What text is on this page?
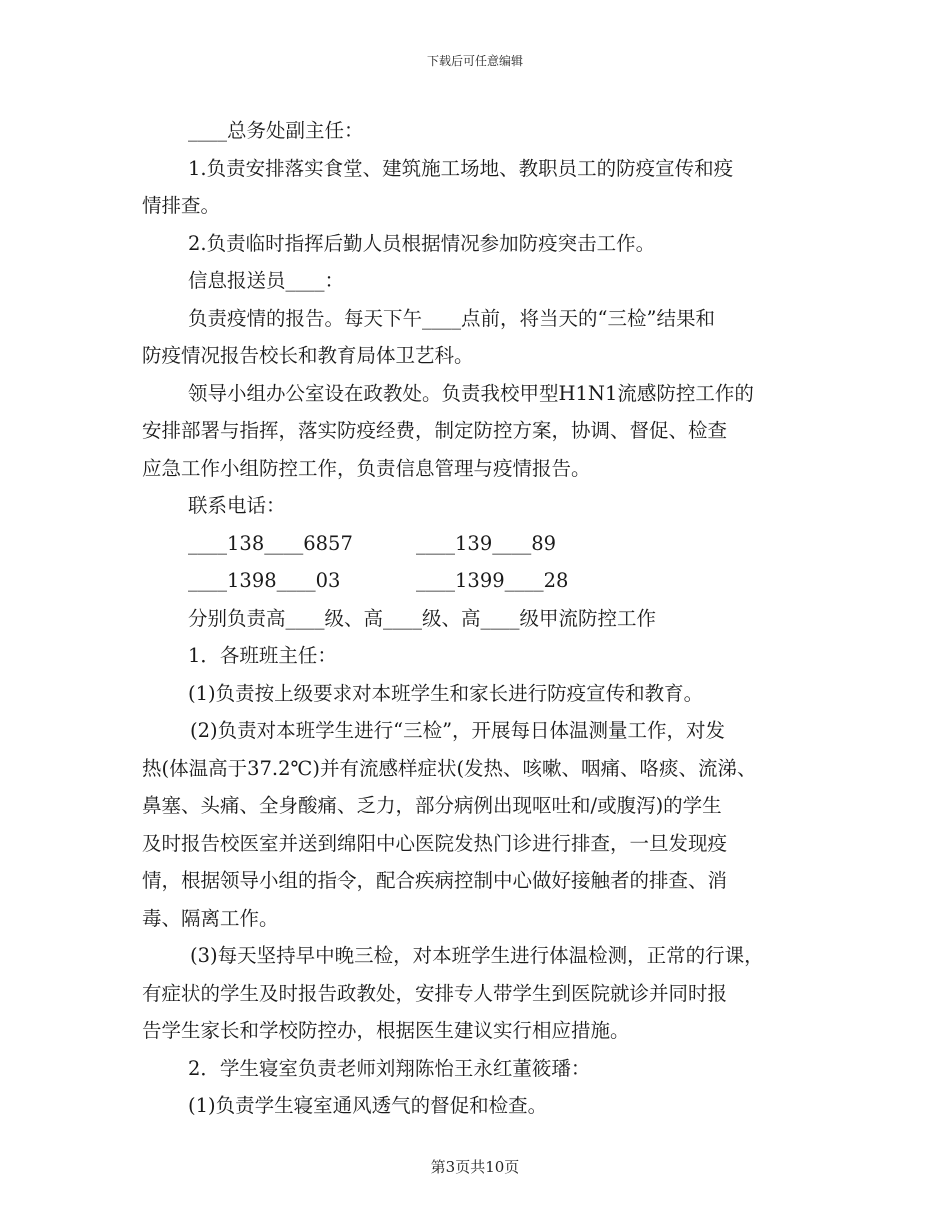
下载后可任意编辑

____总务处副主任：

1.负责安排落实食堂、建筑施工场地、教职员工的防疫宣传和疫

情排查。

2.负责临时指挥后勤人员根据情况参加防疫突击工作。

信息报送员____：

负责疫情的报告。每天下午____点前，将当天的“三检”结果和

防疫情况报告校长和教育局体卫艺科。

领导小组办公室设在政教处。负责我校甲型H1N1流感防控工作的

安排部署与指挥，落实防疫经费，制定防控方案，协调、督促、检查

应急工作小组防控工作，负责信息管理与疫情报告。

联系电话：

____138____6857	____139____89
____1398____03	____1399____28

分别负责高____级、高____级、高____级甲流防控工作

1．各班班主任：

(1)负责按上级要求对本班学生和家长进行防疫宣传和教育。

(2)负责对本班学生进行“三检”，开展每日体温测量工作，对发

热(体温高于37.2℃)并有流感样症状(发热、咳嗽、咽痛、咯痰、流涕、

鼻塞、头痛、全身酸痛、乏力，部分病例出现呕吐和/或腹泻)的学生

及时报告校医室并送到绵阳中心医院发热门诊进行排查，一旦发现疫

情，根据领导小组的指令，配合疾病控制中心做好接触者的排查、消

毒、隔离工作。

(3)每天坚持早中晚三检，对本班学生进行体温检测，正常的行课，

有症状的学生及时报告政教处，安排专人带学生到医院就诊并同时报

告学生家长和学校防控办，根据医生建议实行相应措施。

2．学生寝室负责老师刘翔陈怡王永红董筱璠：

(1)负责学生寝室通风透气的督促和检查。

第3页共10页
